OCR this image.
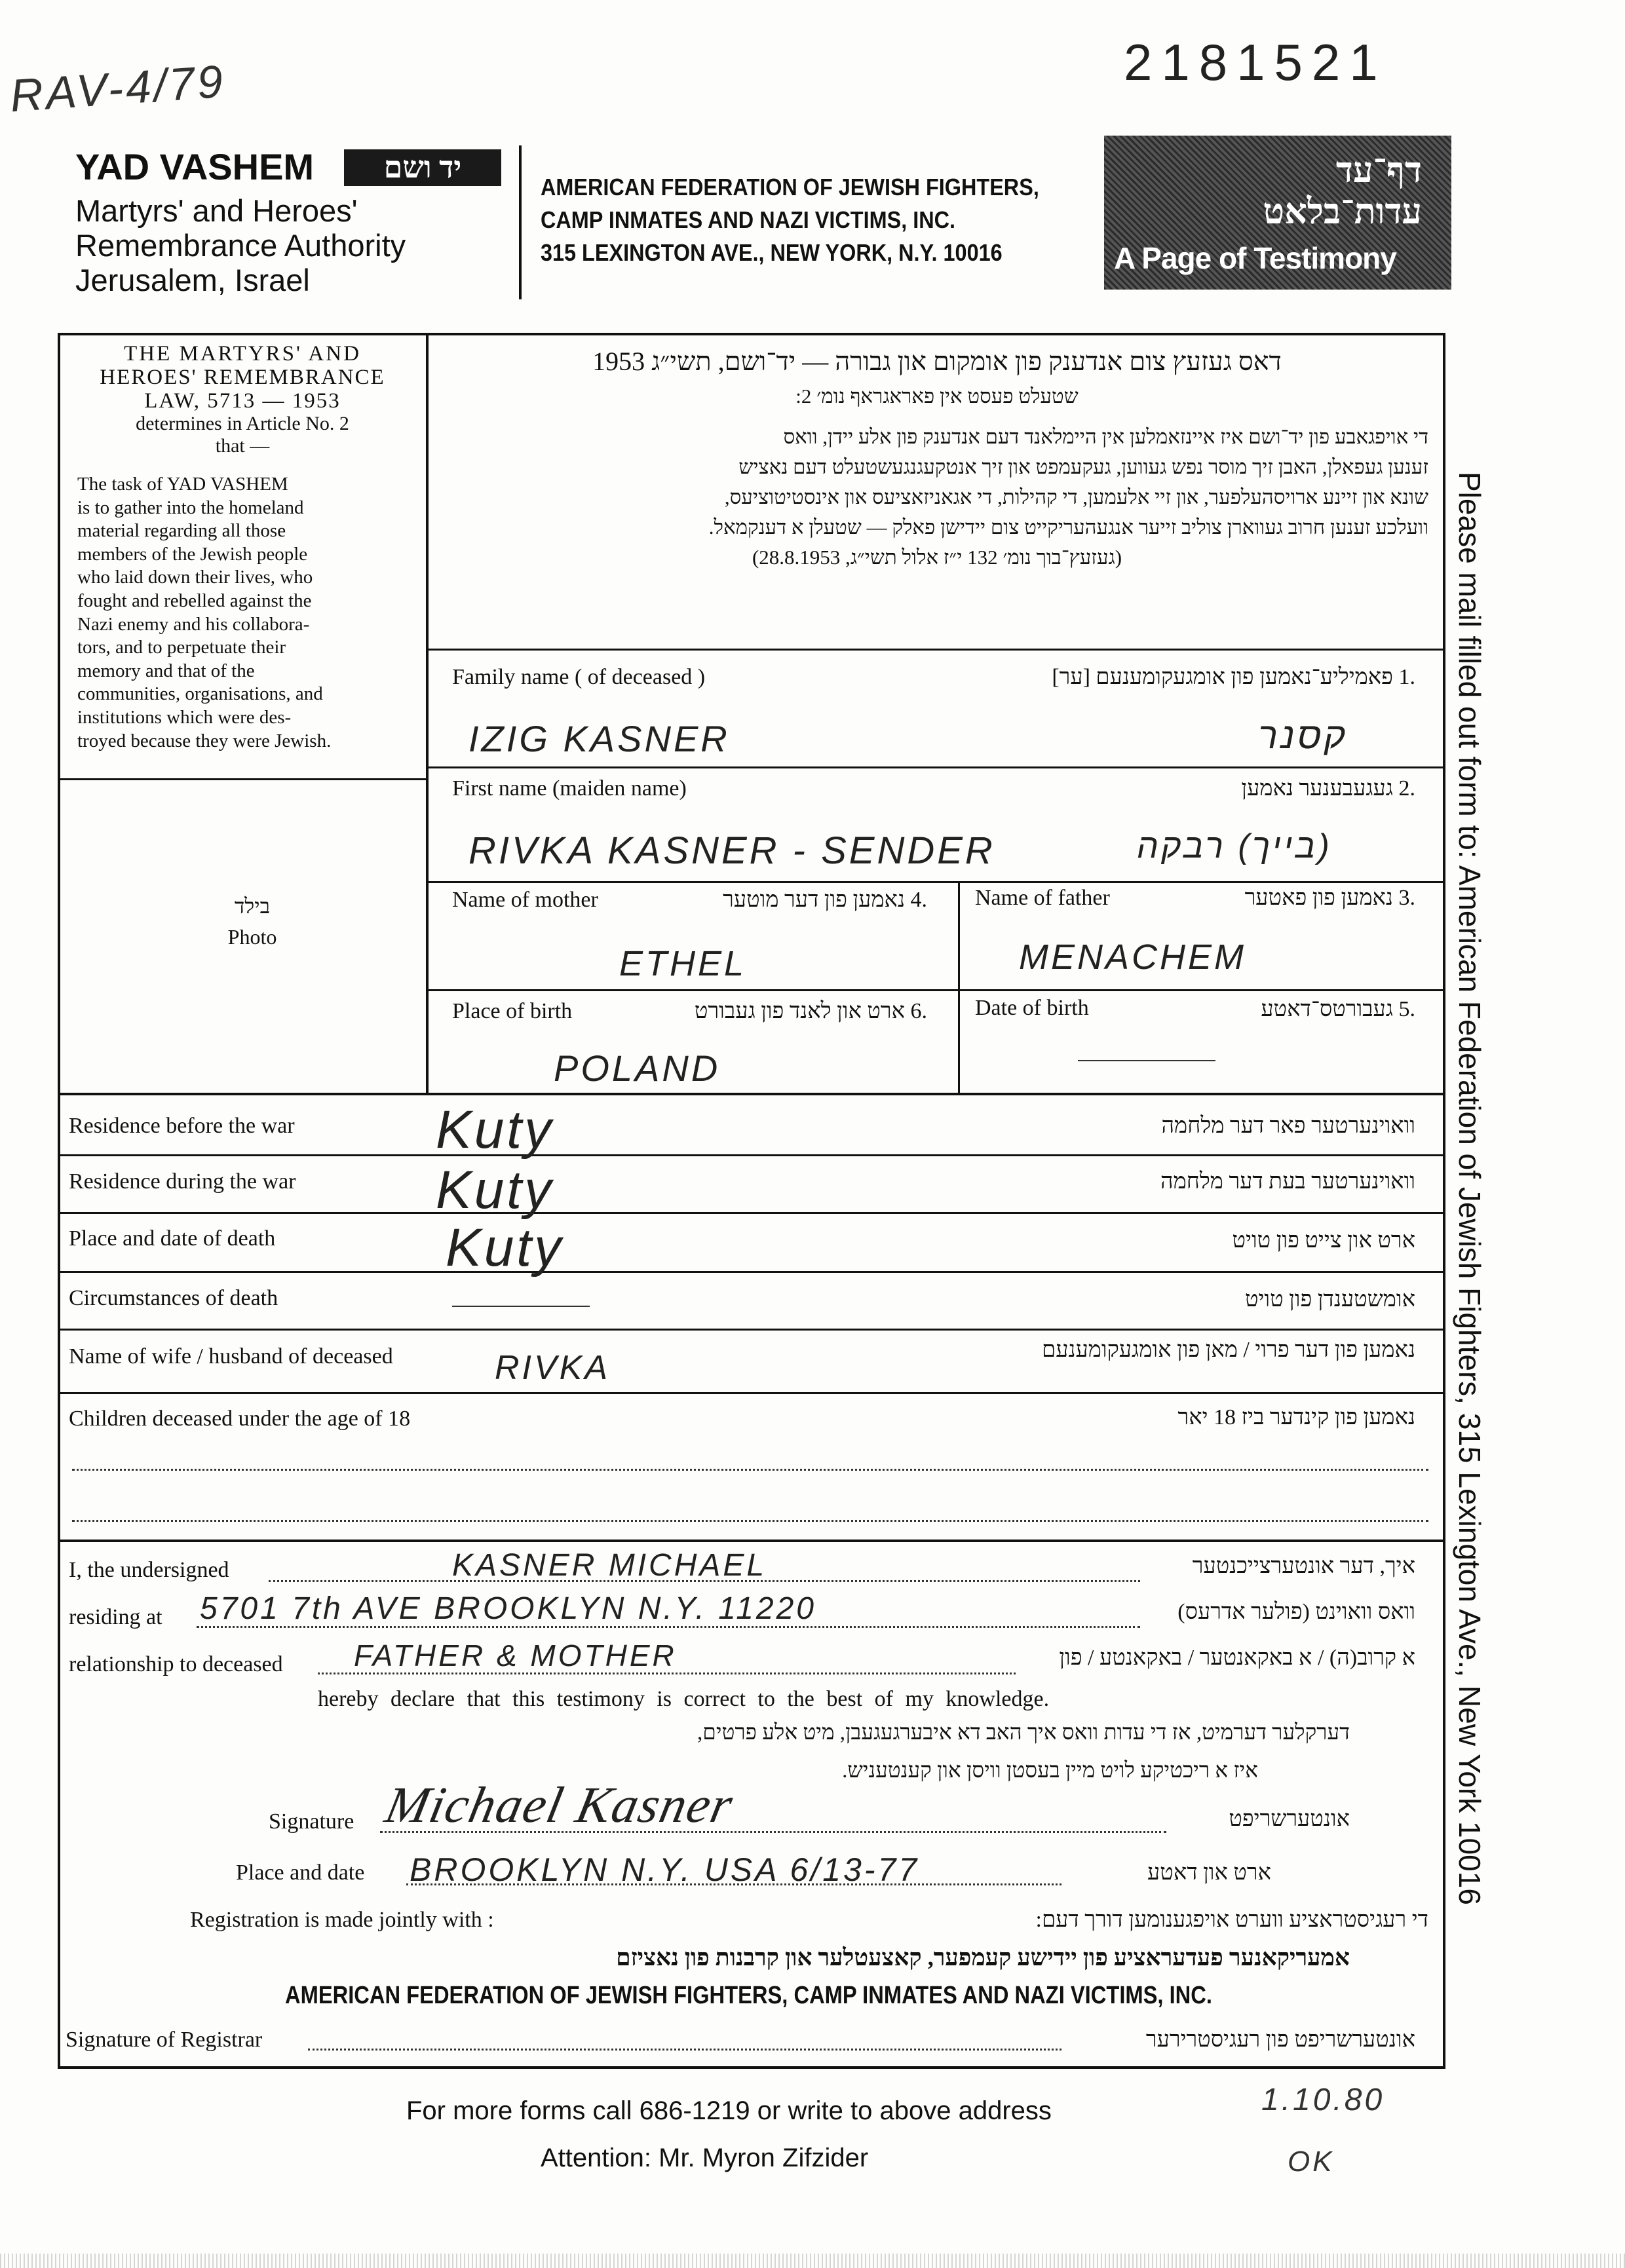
RAV-4/79	2181521
YAD VASHEM	יד ושם
Martyrs' and Heroes'
Remembrance Authority
Jerusalem, Israel
AMERICAN FEDERATION OF JEWISH FIGHTERS,
CAMP INMATES AND NAZI VICTIMS, INC.
315 LEXINGTON AVE., NEW YORK, N.Y. 10016
דף־עד
עדות־בלאט
A Page of Testimony
THE MARTYRS' AND
HEROES' REMEMBRANCE
LAW, 5713 — 1953
determines in Article No. 2
that —
The task of YAD VASHEM
is to gather into the homeland
material regarding all those
members of the Jewish people
who laid down their lives, who
fought and rebelled against the
Nazi enemy and his collabora-
tors, and to perpetuate their
memory and that of the
communities, organisations, and
institutions which were des-
troyed because they were Jewish.
בילד
Photo
דאס געזעץ צום אנדענק פון אומקום און גבורה — יד־ושם, תשי״ג 1953
שטעלט פעסט אין פאראגראף נומ׳ 2:
די אויפגאבע פון יד־ושם איז איינזאמלען אין היימלאנד דעם אנדענק פון אלע יידן, וואס
זענען געפאלן, האבן זיך מוסר נפש געווען, געקעמפט און זיך אנטקעגנגעשטעלט דעם נאציש
שונא און זיינע ארויסהעלפער, און זיי אלעמען, די קהילות, די אגאניזאציעס און אינסטיטוציעס,
וועלכע זענען חרוב געווארן צוליב זייער אנגעהעריקייט צום יידישן פאלק — שטעלן א דענקמאל.
(געזעץ־בוך נומ׳ 132 י״ז אלול תשי״ג, 28.8.1953)
Family name ( of deceased )	.1 פאמיליע־נאמען פון אומגעקומענעם [ער]
IZIG KASNER	קסנר
First name (maiden name)	.2 געגעבענער נאמען
RIVKA KASNER - SENDER	(בייך) רבקה
Name of mother	.4 נאמען פון דער מוטער
ETHEL
Name of father	.3 נאמען פון פאטער
MENACHEM
Place of birth	.6 ארט און לאנד פון געבורט
POLAND
Date of birth	.5 געבורטס־דאטע
Residence before the war	וואוינערטער פאר דער מלחמה
Kuty
Residence during the war	וואוינערטער בעת דער מלחמה
Kuty
Place and date of death	ארט און צייט פון טויט
Kuty
Circumstances of death	אומשטענדן פון טויט
Name of wife / husband of deceased	נאמען פון דער פרוי / מאן פון אומגעקומענעם
RIVKA
Children deceased under the age of 18	נאמען פון קינדער ביז 18 יאר
I, the undersigned	KASNER MICHAEL	איך, דער אונטערצייכנטער
residing at 5701 7th AVE BROOKLYN N.Y. 11220	וואס וואוינט (פולער אדרעס)
relationship to deceased FATHER & MOTHER	א קרוב(ה) / א באקאנטער / באקאנטע / פון
hereby declare that this testimony is correct to the best of my knowledge.
דערקלער דערמיט, אז די עדות וואס איך האב דא איבערגעגעבן, מיט אלע פרטים,
איז א ריכטיקע לויט מיין בעסטן וויסן און קענטעניש.
Signature Michael Kasner	אונטערשריפט
Place and date BROOKLYN N.Y. USA 6/13-77	ארט און דאטע
Registration is made jointly with :	די רעגיסטראציע ווערט אויפגענומען דורך דעם:
אמעריקאנער פעדעראציע פון יידישע קעמפער, קאצעטלער און קרבנות פון נאציזם
AMERICAN FEDERATION OF JEWISH FIGHTERS, CAMP INMATES AND NAZI VICTIMS, INC.
Signature of Registrar	אונטערשריפט פון רעגיסטרירער
For more forms call 686-1219 or write to above address
Attention: Mr. Myron Zifzider
1.10.80
OK
Please mail filled out form to: American Federation of Jewish Fighters, 315 Lexington Ave., New York 10016
